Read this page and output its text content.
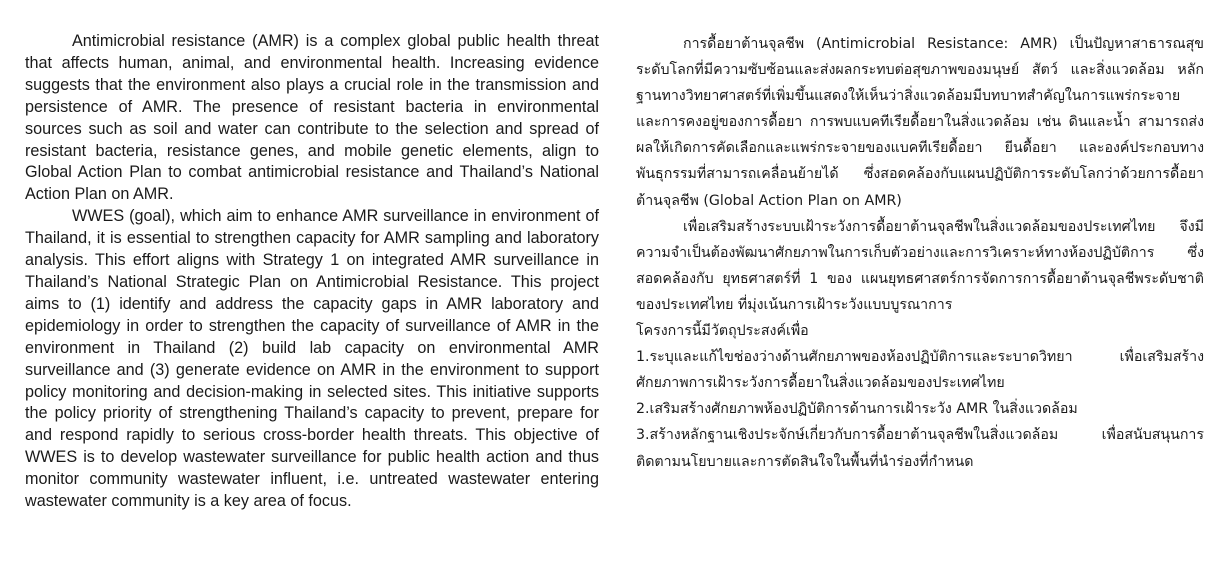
Antimicrobial resistance (AMR) is a complex global public health threat that affects human, animal, and environmental health. Increasing evidence suggests that the environment also plays a crucial role in the transmission and persistence of AMR. The presence of resistant bacteria in environmental sources such as soil and water can contribute to the selection and spread of resistant bacteria, resistance genes, and mobile genetic elements, align to Global Action Plan to combat antimicrobial resistance and Thailand’s National Action Plan on AMR.

WWES (goal), which aim to enhance AMR surveillance in environment of Thailand, it is essential to strengthen capacity for AMR sampling and laboratory analysis. This effort aligns with Strategy 1 on integrated AMR surveillance in Thailand’s National Strategic Plan on Antimicrobial Resistance. This project aims to (1) identify and address the capacity gaps in AMR laboratory and epidemiology in order to strengthen the capacity of surveillance of AMR in the environment in Thailand (2) build lab capacity on environmental AMR surveillance and (3) generate evidence on AMR in the environment to support policy monitoring and decision-making in selected sites. This initiative supports the policy priority of strengthening Thailand’s capacity to prevent, prepare for and respond rapidly to serious cross-border health threats. This objective of WWES is to develop wastewater surveillance for public health action and thus monitor community wastewater influent, i.e. untreated wastewater entering wastewater community is a key area of focus.

การดื้อยาต้านจุลชีพ (Antimicrobial Resistance: AMR) เป็นปัญหาสาธารณสุขระดับโลกที่มีความซับซ้อนและส่งผลกระทบต่อสุขภาพของมนุษย์ สัตว์ และสิ่งแวดล้อม หลักฐานทางวิทยาศาสตร์ที่เพิ่มขึ้นแสดงให้เห็นว่าสิ่งแวดล้อมมีบทบาทสำคัญในการแพร่กระจายและการคงอยู่ของการดื้อยา การพบแบคทีเรียดื้อยาในสิ่งแวดล้อม เช่น ดินและน้ำ สามารถส่งผลให้เกิดการคัดเลือกและแพร่กระจายของแบคทีเรียดื้อยา ยีนดื้อยา และองค์ประกอบทางพันธุกรรมที่สามารถเคลื่อนย้ายได้ ซึ่งสอดคล้องกับแผนปฏิบัติการระดับโลกว่าด้วยการดื้อยาต้านจุลชีพ (Global Action Plan on AMR)

เพื่อเสริมสร้างระบบเฝ้าระวังการดื้อยาต้านจุลชีพในสิ่งแวดล้อมของประเทศไทย จึงมีความจำเป็นต้องพัฒนาศักยภาพในการเก็บตัวอย่างและการวิเคราะห์ทางห้องปฏิบัติการ ซึ่งสอดคล้องกับ ยุทธศาสตร์ที่ 1 ของ แผนยุทธศาสตร์การจัดการการดื้อยาต้านจุลชีพระดับชาติของประเทศไทย ที่มุ่งเน้นการเฝ้าระวังแบบบูรณาการ

โครงการนี้มีวัตถุประสงค์เพื่อ

1.ระบุและแก้ไขช่องว่างด้านศักยภาพของห้องปฏิบัติการและระบาดวิทยา เพื่อเสริมสร้างศักยภาพการเฝ้าระวังการดื้อยาในสิ่งแวดล้อมของประเทศไทย
2.เสริมสร้างศักยภาพห้องปฏิบัติการด้านการเฝ้าระวัง AMR ในสิ่งแวดล้อม
3.สร้างหลักฐานเชิงประจักษ์เกี่ยวกับการดื้อยาต้านจุลชีพในสิ่งแวดล้อม เพื่อสนับสนุนการติดตามนโยบายและการตัดสินใจในพื้นที่นำร่องที่กำหนด
